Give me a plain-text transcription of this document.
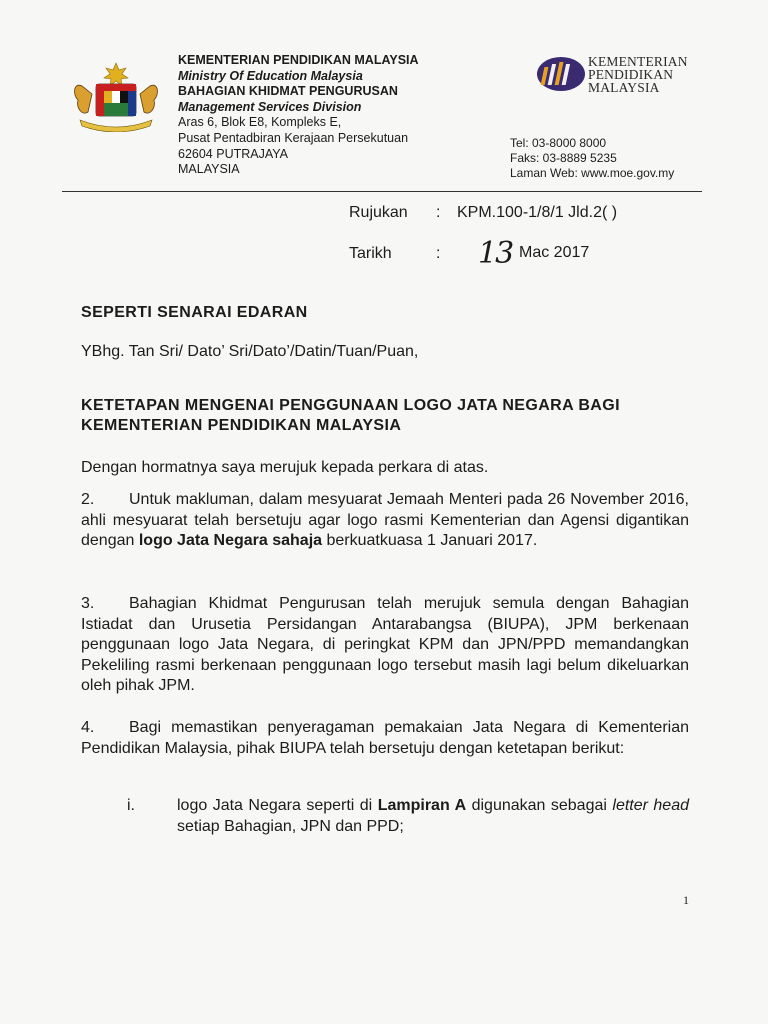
KEMENTERIAN PENDIDIKAN MALAYSIA
Ministry Of Education Malaysia
BAHAGIAN KHIDMAT PENGURUSAN
Management Services Division
Aras 6, Blok E8, Kompleks E,
Pusat Pentadbiran Kerajaan Persekutuan
62604 PUTRAJAYA
MALAYSIA
KEMENTERIAN
PENDIDIKAN
MALAYSIA
Tel: 03-8000 8000
Faks: 03-8889 5235
Laman Web: www.moe.gov.my
Rujukan : KPM.100-1/8/1 Jld.2( )
Tarikh	: 13 Mac 2017
SEPERTI SENARAI EDARAN
YBhg. Tan Sri/ Dato’ Sri/Dato’/Datin/Tuan/Puan,
KETETAPAN MENGENAI PENGGUNAAN LOGO JATA NEGARA BAGI KEMENTERIAN PENDIDIKAN MALAYSIA
Dengan hormatnya saya merujuk kepada perkara di atas.
2. Untuk makluman, dalam mesyuarat Jemaah Menteri pada 26 November 2016, ahli mesyuarat telah bersetuju agar logo rasmi Kementerian dan Agensi digantikan dengan logo Jata Negara sahaja berkuatkuasa 1 Januari 2017.
3. Bahagian Khidmat Pengurusan telah merujuk semula dengan Bahagian Istiadat dan Urusetia Persidangan Antarabangsa (BIUPA), JPM berkenaan penggunaan logo Jata Negara, di peringkat KPM dan JPN/PPD memandangkan Pekeliling rasmi berkenaan penggunaan logo tersebut masih lagi belum dikeluarkan oleh pihak JPM.
4. Bagi memastikan penyeragaman pemakaian Jata Negara di Kementerian Pendidikan Malaysia, pihak BIUPA telah bersetuju dengan ketetapan berikut:
i.	logo Jata Negara seperti di Lampiran A digunakan sebagai letter head setiap Bahagian, JPN dan PPD;
1
